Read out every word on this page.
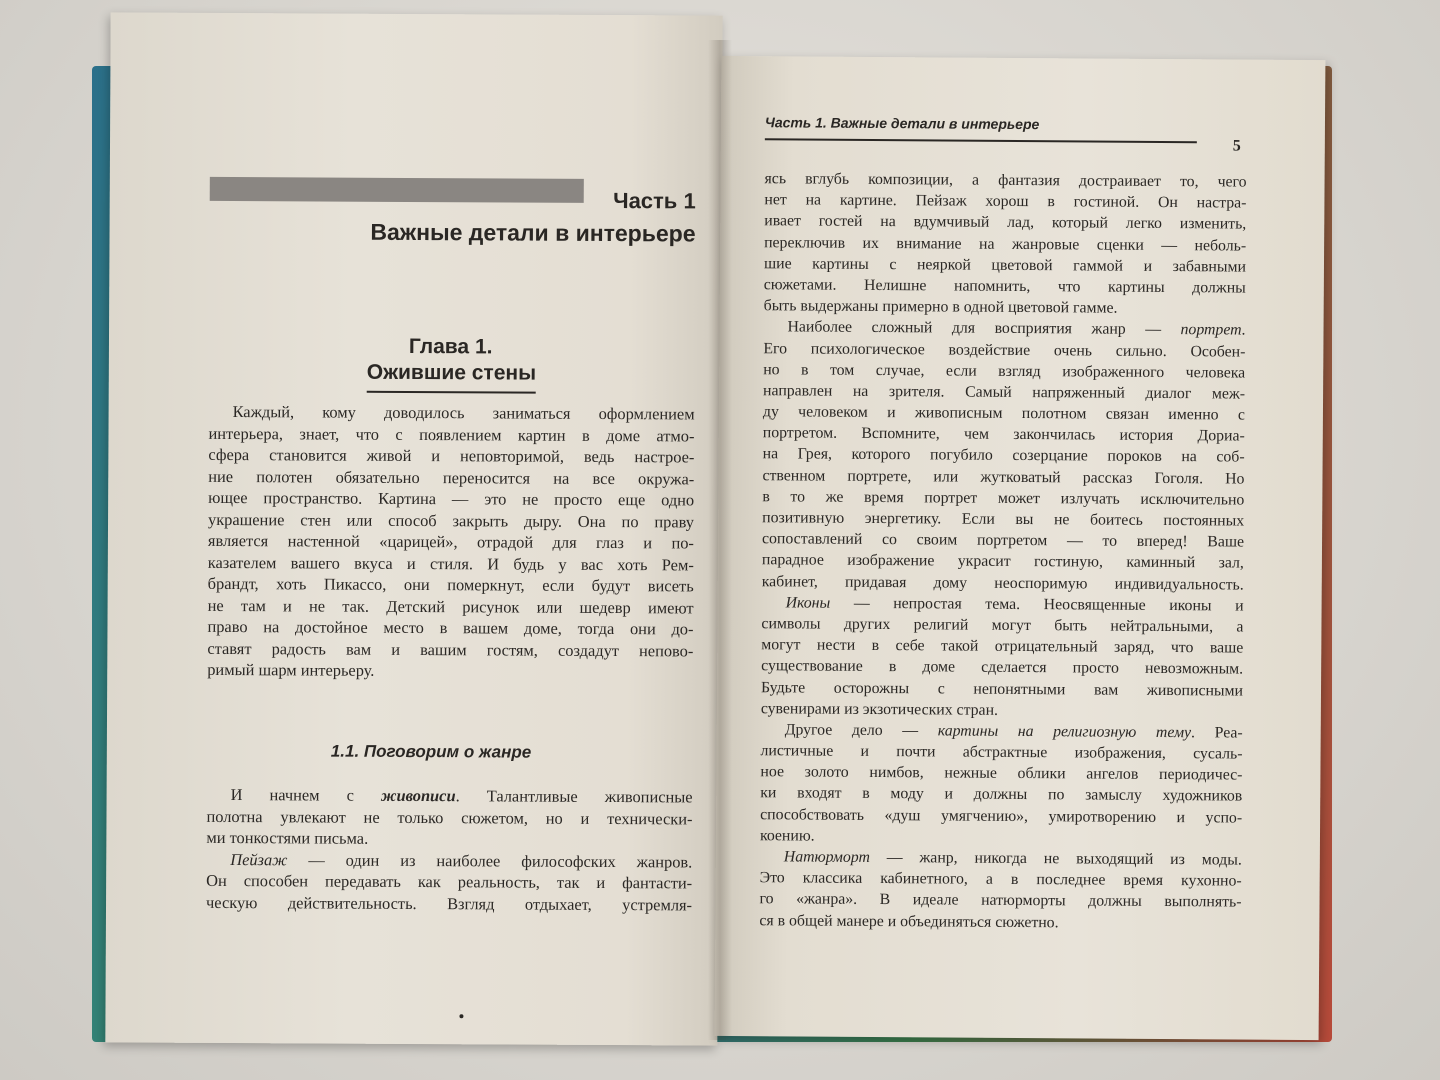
Часть 1
Важные детали в интерьере
Глава 1.
Ожившие стены
Каждый, кому доводилось заниматься оформлением
интерьера, знает, что с появлением картин в доме атмо-
сфера становится живой и неповторимой, ведь настрое-
ние полотен обязательно переносится на все окружа-
ющее пространство. Картина — это не просто еще одно
украшение стен или способ закрыть дыру. Она по праву
является настенной «царицей», отрадой для глаз и по-
казателем вашего вкуса и стиля. И будь у вас хоть Рем-
брандт, хоть Пикассо, они померкнут, если будут висеть
не там и не так. Детский рисунок или шедевр имеют
право на достойное место в вашем доме, тогда они до-
ставят радость вам и вашим гостям, создадут непово-
римый шарм интерьеру.
1.1. Поговорим о жанре
И начнем с живописи. Талантливые живописные
полотна увлекают не только сюжетом, но и технически-
ми тонкостями письма.
Пейзаж — один из наиболее философских жанров.
Он способен передавать как реальность, так и фантасти-
ческую действительность. Взгляд отдыхает, устремля-
Часть 1. Важные детали в интерьере
5
ясь вглубь композиции, а фантазия достраивает то, чего
нет на картине. Пейзаж хорош в гостиной. Он настра-
ивает гостей на вдумчивый лад, который легко изменить,
переключив их внимание на жанровые сценки — неболь-
шие картины с неяркой цветовой гаммой и забавными
сюжетами. Нелишне напомнить, что картины должны
быть выдержаны примерно в одной цветовой гамме.
Наиболее сложный для восприятия жанр — портрет.
Его психологическое воздействие очень сильно. Особен-
но в том случае, если взгляд изображенного человека
направлен на зрителя. Самый напряженный диалог меж-
ду человеком и живописным полотном связан именно с
портретом. Вспомните, чем закончилась история Дориа-
на Грея, которого погубило созерцание пороков на соб-
ственном портрете, или жутковатый рассказ Гоголя. Но
в то же время портрет может излучать исключительно
позитивную энергетику. Если вы не боитесь постоянных
сопоставлений со своим портретом — то вперед! Ваше
парадное изображение украсит гостиную, каминный зал,
кабинет, придавая дому неоспоримую индивидуальность.
Иконы — непростая тема. Неосвященные иконы и
символы других религий могут быть нейтральными, а
могут нести в себе такой отрицательный заряд, что ваше
существование в доме сделается просто невозможным.
Будьте осторожны с непонятными вам живописными
сувенирами из экзотических стран.
Другое дело — картины на религиозную тему. Реа-
листичные и почти абстрактные изображения, сусаль-
ное золото нимбов, нежные облики ангелов периодичес-
ки входят в моду и должны по замыслу художников
способствовать «душ умягчению», умиротворению и успо-
коению.
Натюрморт — жанр, никогда не выходящий из моды.
Это классика кабинетного, а в последнее время кухонно-
го «жанра». В идеале натюрморты должны выполнять-
ся в общей манере и объединяться сюжетно.
